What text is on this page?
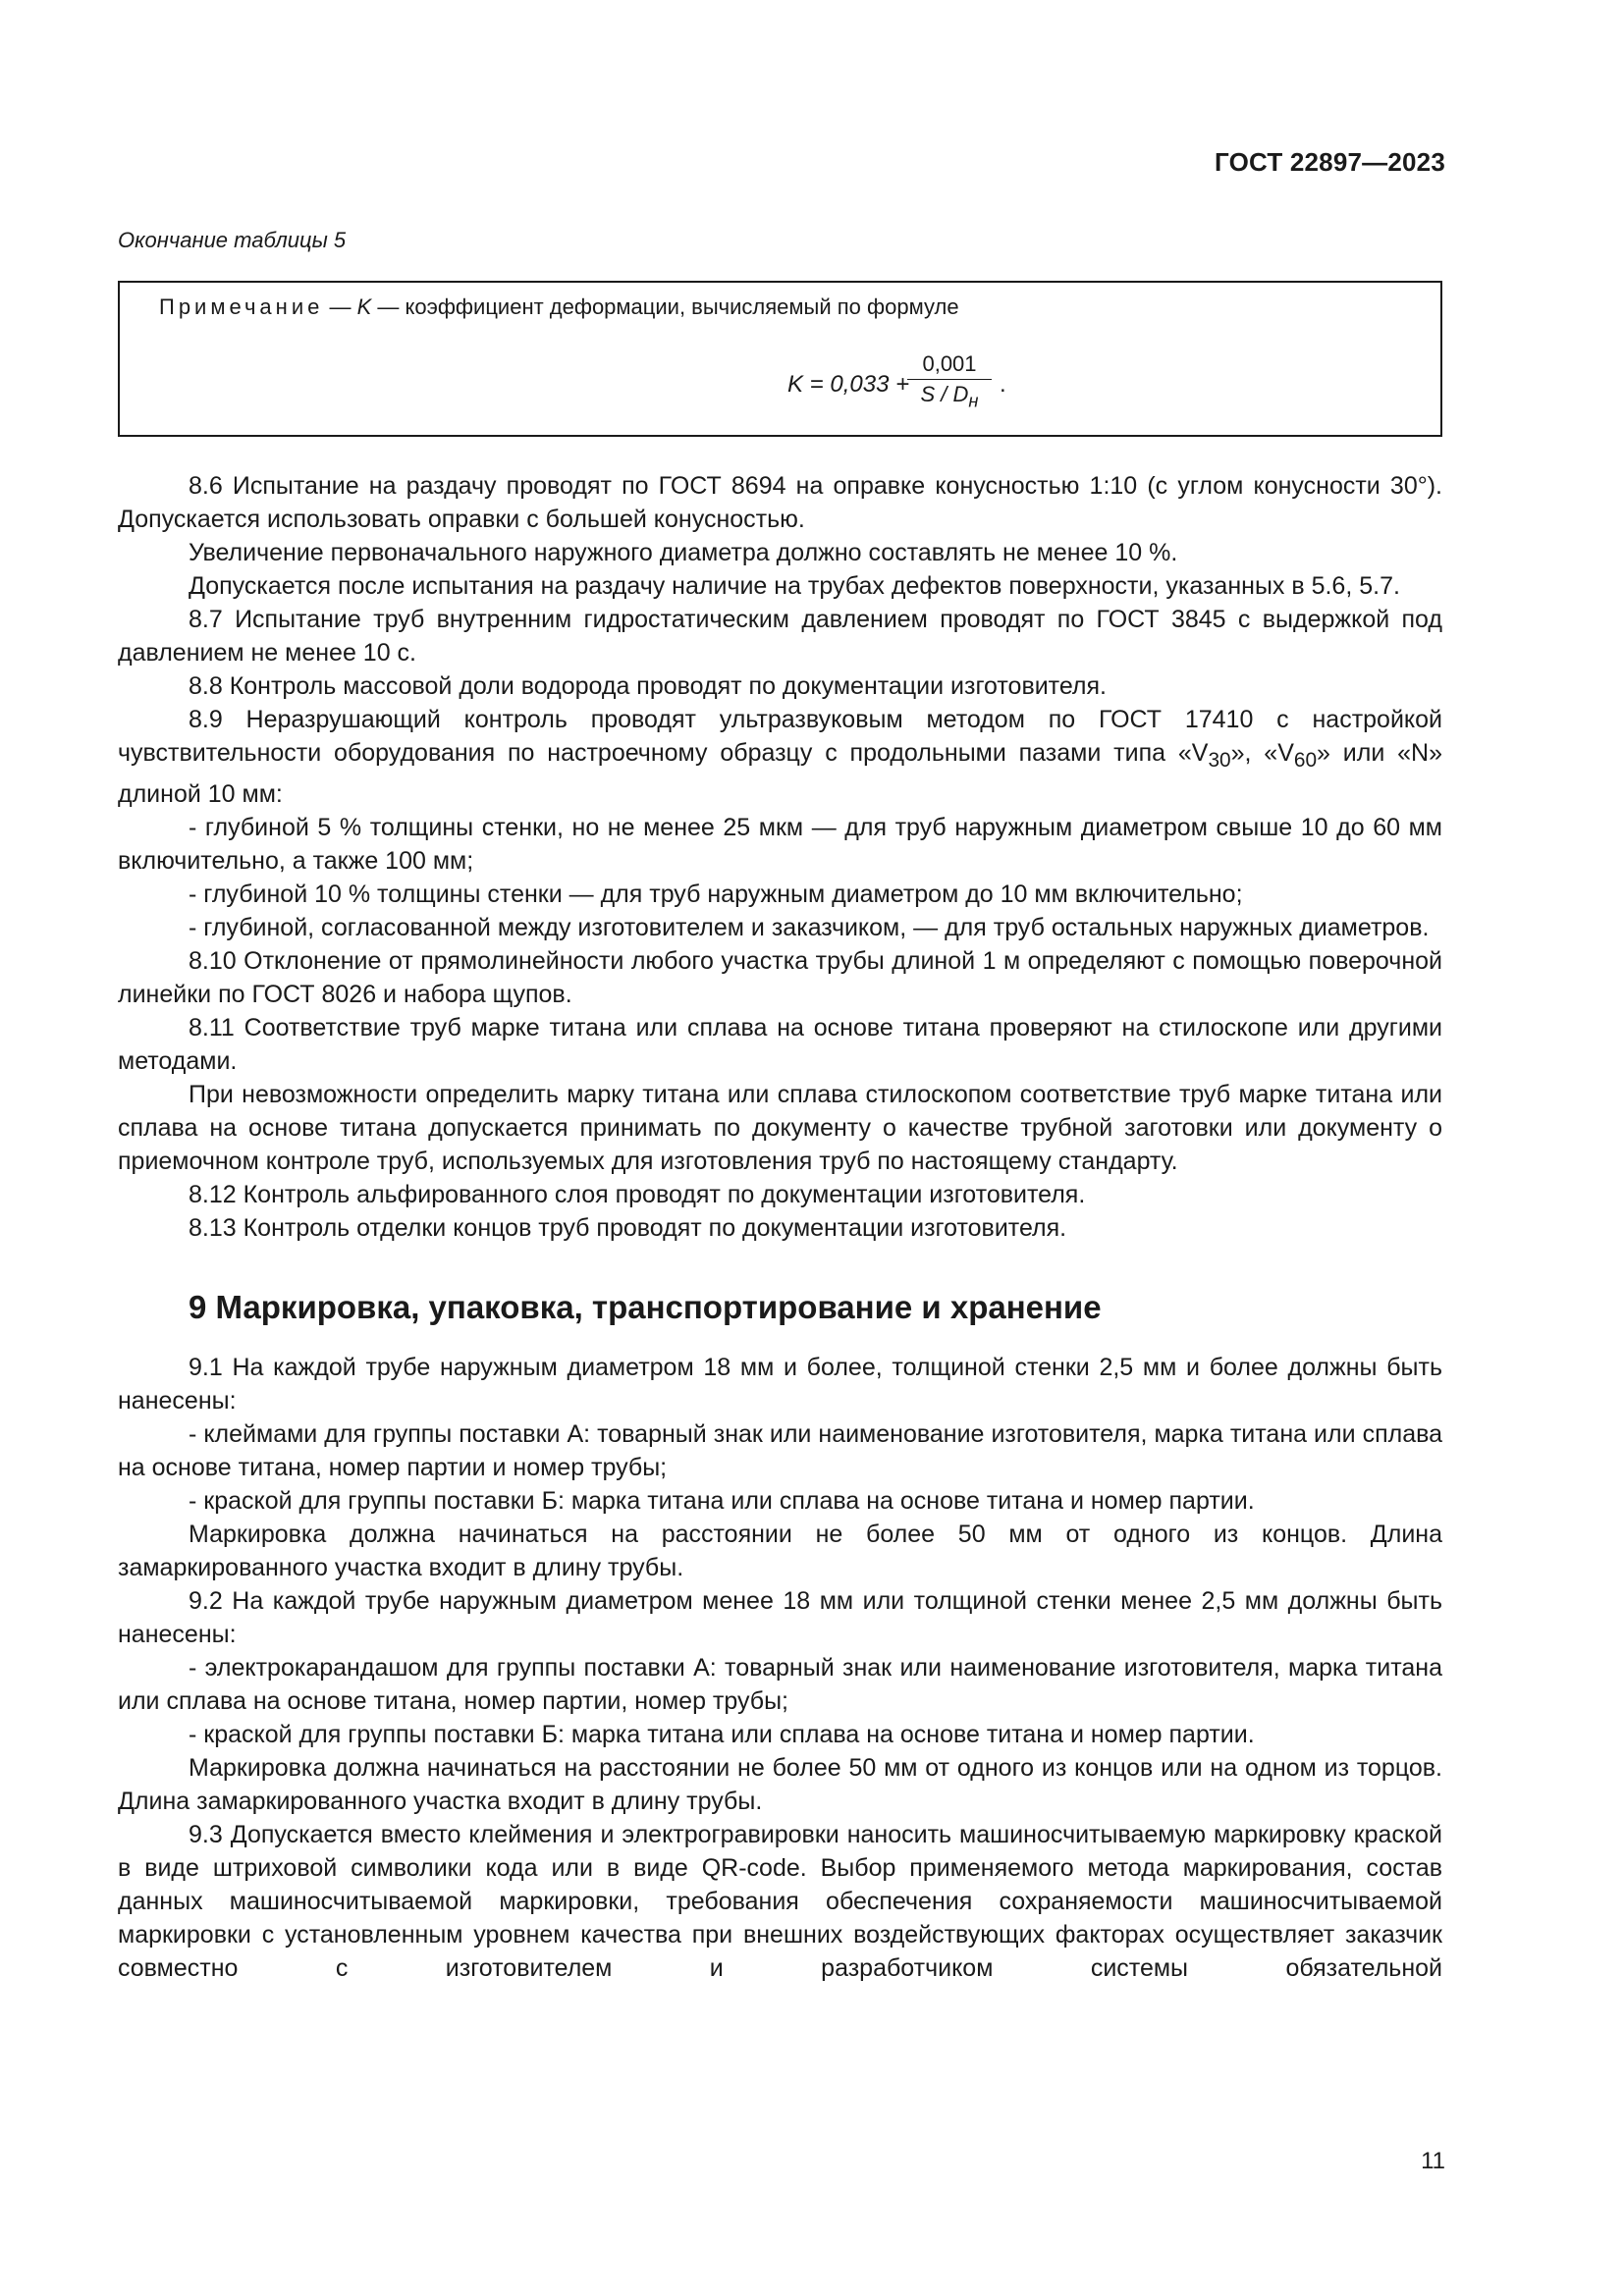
ГОСТ 22897—2023
Окончание таблицы 5
Примечание — K — коэффициент деформации, вычисляемый по формуле
K = 0,033 +
0,001
S / $D_н$
.

8.6 Испытание на раздачу проводят по ГОСТ 8694 на оправке конусностью 1:10 (с углом конусности 30°). Допускается использовать оправки с большей конусностью.

Увеличение первоначального наружного диаметра должно составлять не менее 10 %.

Допускается после испытания на раздачу наличие на трубах дефектов поверхности, указанных в 5.6, 5.7.

8.7 Испытание труб внутренним гидростатическим давлением проводят по ГОСТ 3845 с выдержкой под давлением не менее 10 с.

8.8 Контроль массовой доли водорода проводят по документации изготовителя.

8.9 Неразрушающий контроль проводят ультразвуковым методом по ГОСТ 17410 с настройкой чувствительности оборудования по настроечному образцу с продольными пазами типа «$V_{30}$», «$V_{60}$» или «N» длиной 10 мм:

- глубиной 5 % толщины стенки, но не менее 25 мкм — для труб наружным диаметром свыше 10 до 60 мм включительно, а также 100 мм;

- глубиной 10 % толщины стенки — для труб наружным диаметром до 10 мм включительно;

- глубиной, согласованной между изготовителем и заказчиком, — для труб остальных наружных диаметров.

8.10 Отклонение от прямолинейности любого участка трубы длиной 1 м определяют с помощью поверочной линейки по ГОСТ 8026 и набора щупов.

8.11 Соответствие труб марке титана или сплава на основе титана проверяют на стилоскопе или другими методами.

При невозможности определить марку титана или сплава стилоскопом соответствие труб марке титана или сплава на основе титана допускается принимать по документу о качестве трубной заготовки или документу о приемочном контроле труб, используемых для изготовления труб по настоящему стандарту.

8.12 Контроль альфированного слоя проводят по документации изготовителя.

8.13 Контроль отделки концов труб проводят по документации изготовителя.

9 Маркировка, упаковка, транспортирование и хранение

9.1 На каждой трубе наружным диаметром 18 мм и более, толщиной стенки 2,5 мм и более должны быть нанесены:

- клеймами для группы поставки А: товарный знак или наименование изготовителя, марка титана или сплава на основе титана, номер партии и номер трубы;

- краской для группы поставки Б: марка титана или сплава на основе титана и номер партии.

Маркировка должна начинаться на расстоянии не более 50 мм от одного из концов. Длина замаркированного участка входит в длину трубы.

9.2 На каждой трубе наружным диаметром менее 18 мм или толщиной стенки менее 2,5 мм должны быть нанесены:

- электрокарандашом для группы поставки А: товарный знак или наименование изготовителя, марка титана или сплава на основе титана, номер партии, номер трубы;

- краской для группы поставки Б: марка титана или сплава на основе титана и номер партии.

Маркировка должна начинаться на расстоянии не более 50 мм от одного из концов или на одном из торцов. Длина замаркированного участка входит в длину трубы.

9.3 Допускается вместо клеймения и электрогравировки наносить машиносчитываемую маркировку краской в виде штриховой символики кода или в виде QR-code. Выбор применяемого метода маркирования, состав данных машиносчитываемой маркировки, требования обеспечения сохраняемости машиносчитываемой маркировки с установленным уровнем качества при внешних воздействующих факторах осуществляет заказчик совместно с изготовителем и разработчиком системы обязательной

11
